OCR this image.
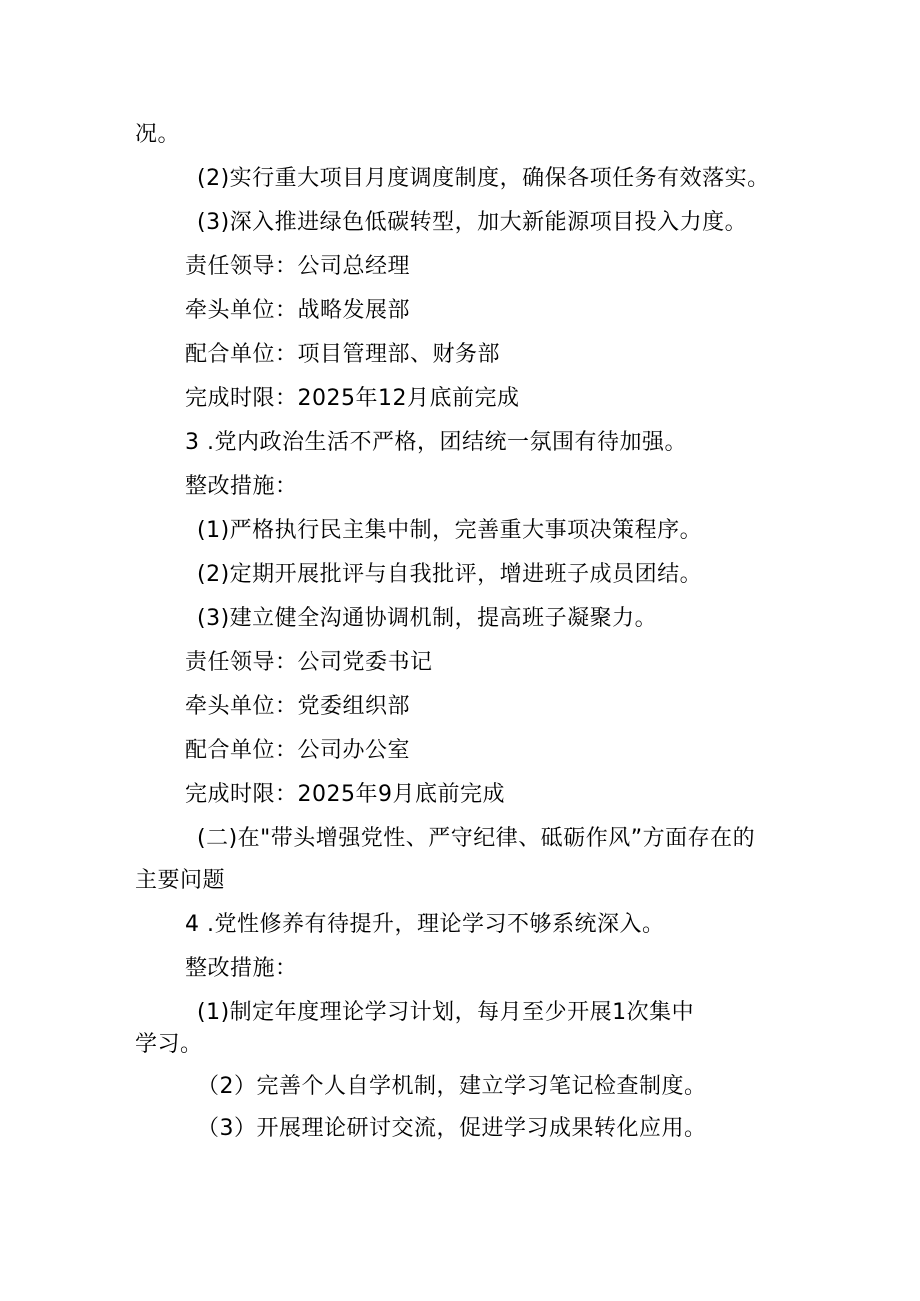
况。
(2)实行重大项目月度调度制度，确保各项任务有效落实。
(3)深入推进绿色低碳转型，加大新能源项目投入力度。
责任领导：公司总经理
牵头单位：战略发展部
配合单位：项目管理部、财务部
完成时限：2025年12月底前完成
3 .党内政治生活不严格，团结统一氛围有待加强。
整改措施：
(1)严格执行民主集中制，完善重大事项决策程序。
(2)定期开展批评与自我批评，增进班子成员团结。
(3)建立健全沟通协调机制，提高班子凝聚力。
责任领导：公司党委书记
牵头单位：党委组织部
配合单位：公司办公室
完成时限：2025年9月底前完成
(二)在"带头增强党性、严守纪律、砥砺作风”方面存在的
主要问题
4 .党性修养有待提升，理论学习不够系统深入。
整改措施：
(1)制定年度理论学习计划，每月至少开展1次集中
学习。
（2）完善个人自学机制，建立学习笔记检查制度。
（3）开展理论研讨交流，促进学习成果转化应用。
